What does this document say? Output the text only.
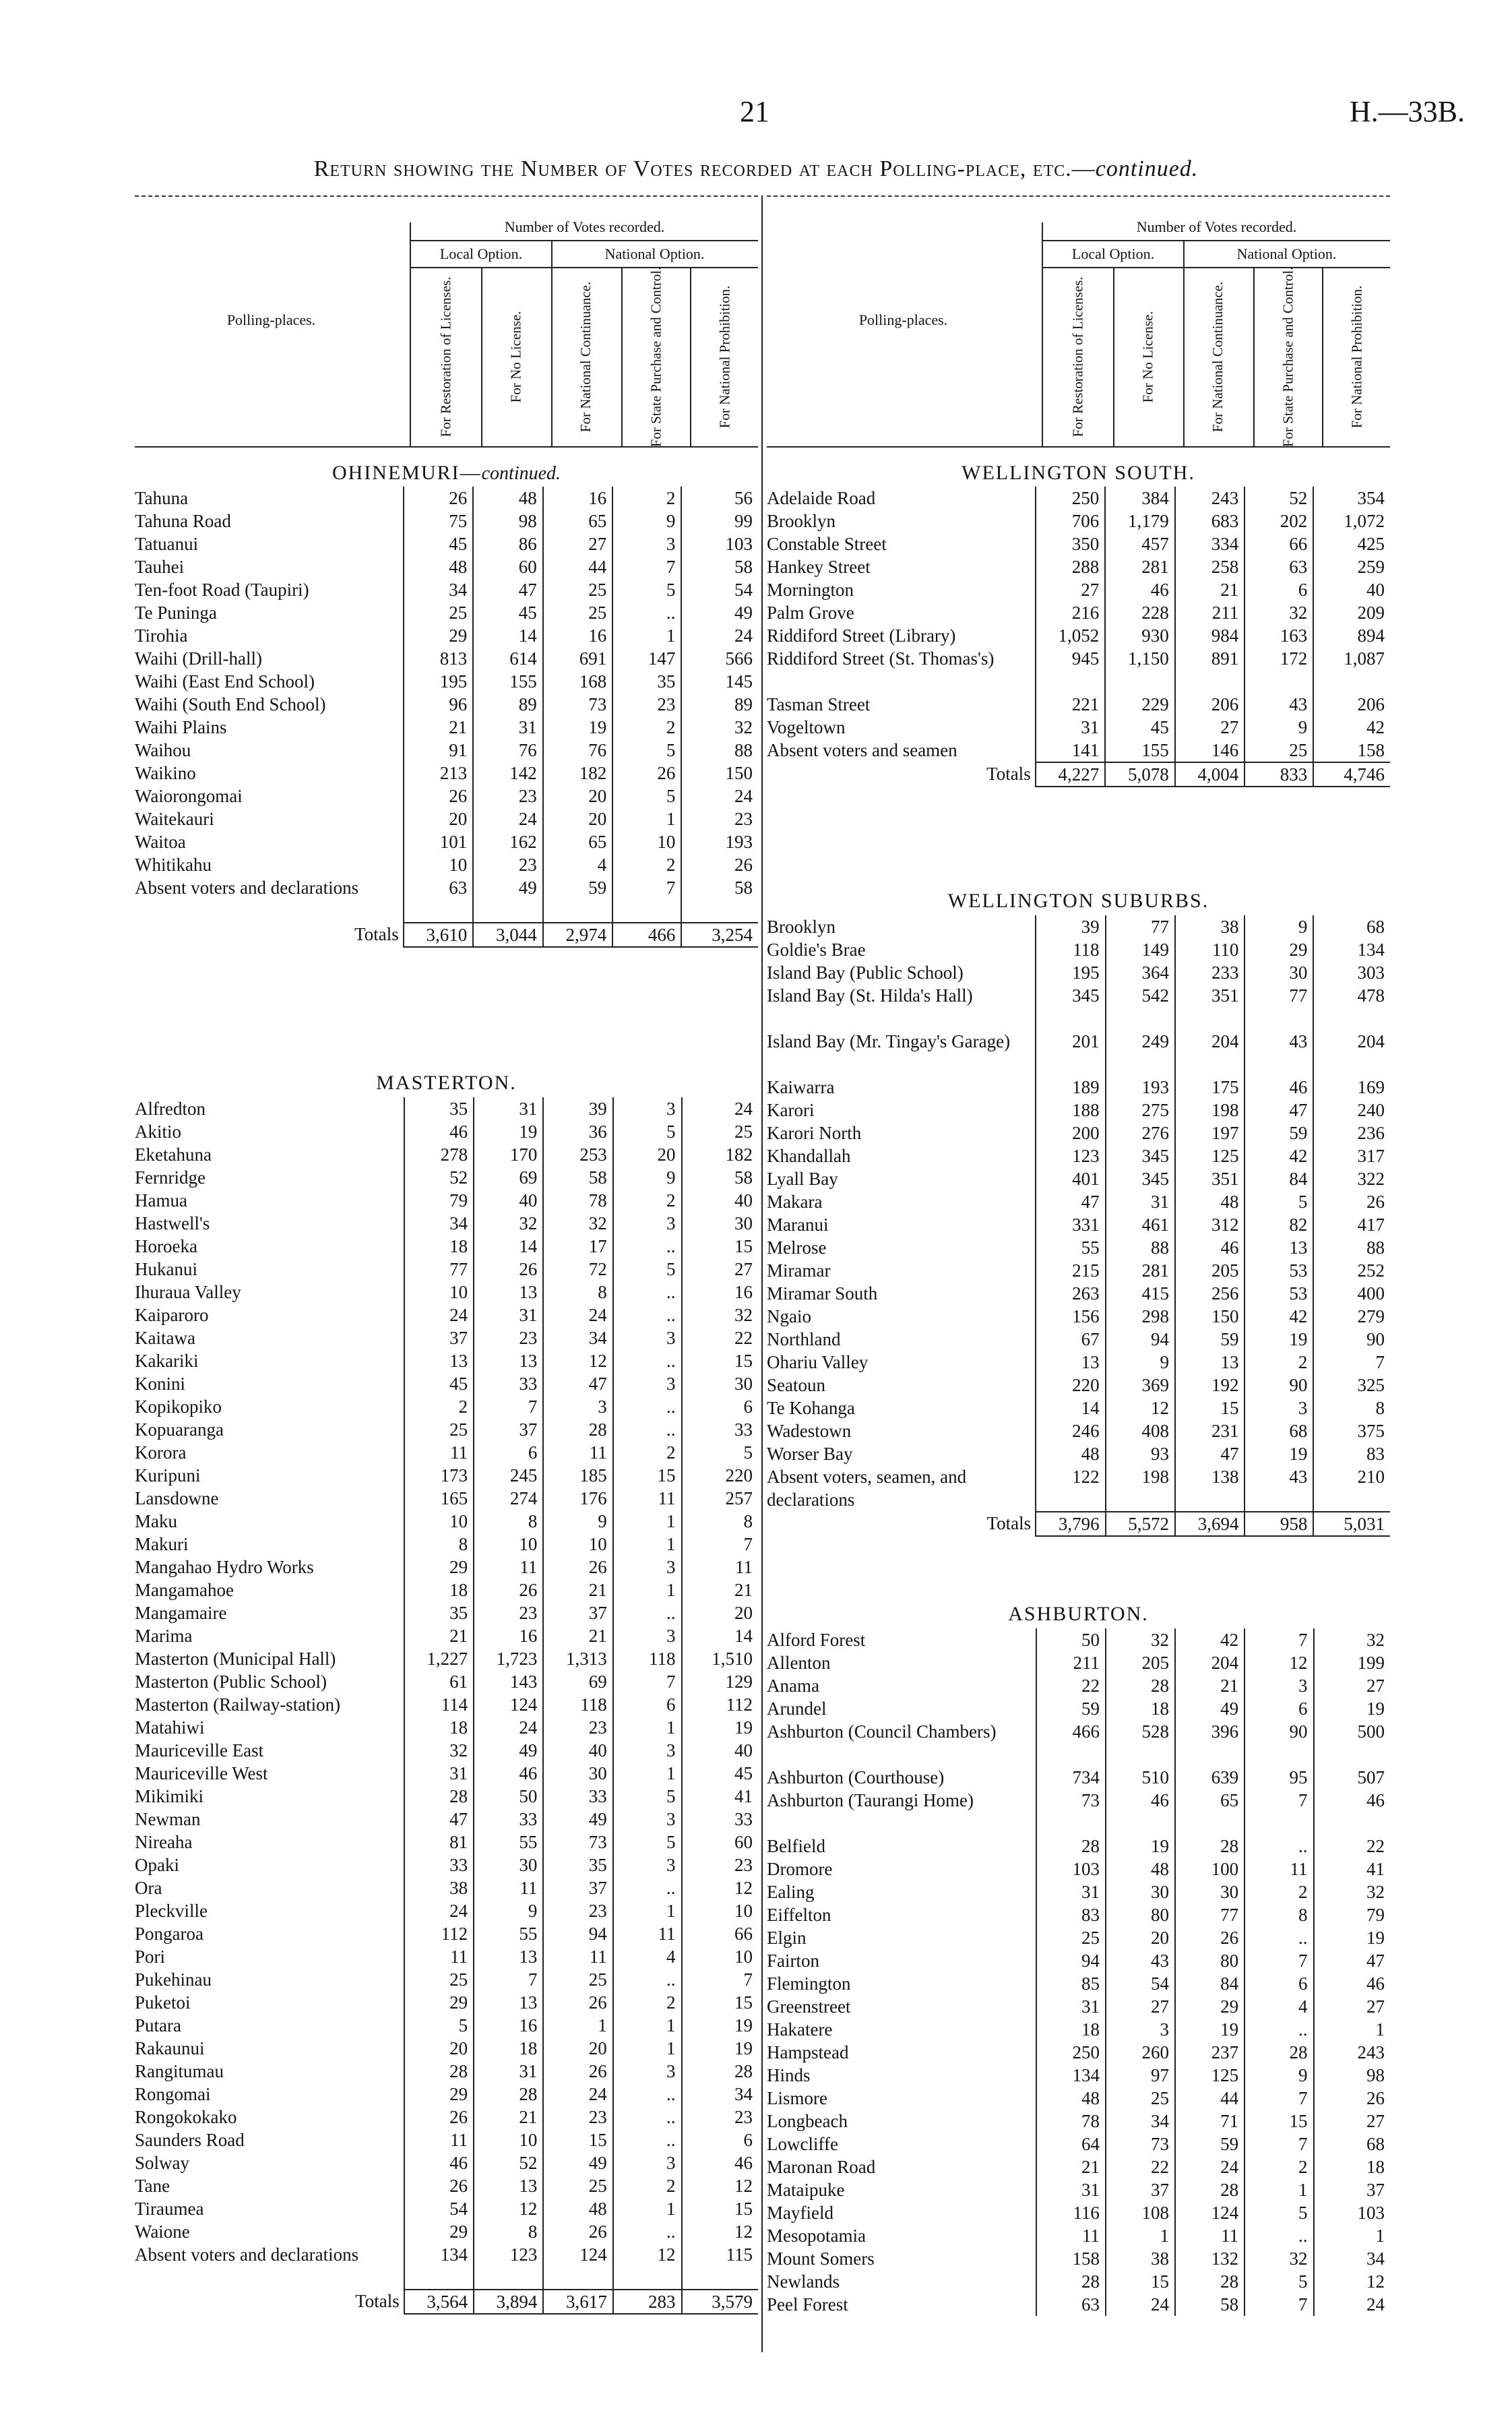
21	H.—33B.
Return showing the Number of Votes recorded at each Polling-place, etc.—continued.
Polling-places.
Number of Votes recorded.
Local Option.	National Option.
For Restoration of Licenses.	For No License.	For National Continuance.	For State Purchase and Control.	For National Prohibition.
OHINEMURI—continued.
Tahuna	26	48	16	2	56
Tahuna Road	75	98	65	9	99
Tatuanui	45	86	27	3	103
Tauhei	48	60	44	7	58
Ten-foot Road (Taupiri)	34	47	25	5	54
Te Puninga	25	45	25	..	49
Tirohia	29	14	16	1	24
Waihi (Drill-hall)	813	614	691	147	566
Waihi (East End School)	195	155	168	35	145
Waihi (South End School)	96	89	73	23	89
Waihi Plains	21	31	19	2	32
Waihou	91	76	76	5	88
Waikino	213	142	182	26	150
Waiorongomai	26	23	20	5	24
Waitekauri	20	24	20	1	23
Waitoa	101	162	65	10	193
Whitikahu	10	23	4	2	26
Absent voters and declarations	63	49	59	7	58
Totals	3,610	3,044	2,974	466	3,254
MASTERTON.
Alfredton	35	31	39	3	24
Akitio	46	19	36	5	25
Eketahuna	278	170	253	20	182
Fernridge	52	69	58	9	58
Hamua	79	40	78	2	40
Hastwell's	34	32	32	3	30
Horoeka	18	14	17	..	15
Hukanui	77	26	72	5	27
Ihuraua Valley	10	13	8	..	16
Kaiparoro	24	31	24	..	32
Kaitawa	37	23	34	3	22
Kakariki	13	13	12	..	15
Konini	45	33	47	3	30
Kopikopiko	2	7	3	..	6
Kopuaranga	25	37	28	..	33
Kororа	11	6	11	2	5
Kuripuni	173	245	185	15	220
Lansdowne	165	274	176	11	257
Maku	10	8	9	1	8
Makuri	8	10	10	1	7
Mangahao Hydro Works	29	11	26	3	11
Mangamahoe	18	26	21	1	21
Mangamaire	35	23	37	..	20
Marima	21	16	21	3	14
Masterton (Municipal Hall)	1,227	1,723	1,313	118	1,510
Masterton (Public School)	61	143	69	7	129
Masterton (Railway-station)	114	124	118	6	112
Matahiwi	18	24	23	1	19
Mauriceville East	32	49	40	3	40
Mauriceville West	31	46	30	1	45
Mikimiki	28	50	33	5	41
Newman	47	33	49	3	33
Nireaha	81	55	73	5	60
Opaki	33	30	35	3	23
Ora	38	11	37	..	12
Pleckville	24	9	23	1	10
Pongaroa	112	55	94	11	66
Pori	11	13	11	4	10
Pukehinau	25	7	25	..	7
Puketoi	29	13	26	2	15
Putara	5	16	1	1	19
Rakaunui	20	18	20	1	19
Rangitumau	28	31	26	3	28
Rongomai	29	28	24	..	34
Rongokokako	26	21	23	..	23
Saunders Road	11	10	15	..	6
Solway	46	52	49	3	46
Tane	26	13	25	2	12
Tiraumea	54	12	48	1	15
Waione	29	8	26	..	12
Absent voters and declarations	134	123	124	12	115
Totals	3,564	3,894	3,617	283	3,579
Polling-places.
Number of Votes recorded.
Local Option.	National Option.
For Restoration of Licenses.	For No License.	For National Continuance.	For State Purchase and Control.	For National Prohibition.
WELLINGTON SOUTH.
Adelaide Road	250	384	243	52	354
Brooklyn	706	1,179	683	202	1,072
Constable Street	350	457	334	66	425
Hankey Street	288	281	258	63	259
Mornington	27	46	21	6	40
Palm Grove	216	228	211	32	209
Riddiford Street (Library)	1,052	930	984	163	894
Riddiford Street (St. Thomas's)	945	1,150	891	172	1,087
Tasman Street	221	229	206	43	206
Vogeltown	31	45	27	9	42
Absent voters and seamen	141	155	146	25	158
Totals	4,227	5,078	4,004	833	4,746
WELLINGTON SUBURBS.
Brooklyn	39	77	38	9	68
Goldie's Brae	118	149	110	29	134
Island Bay (Public School)	195	364	233	30	303
Island Bay (St. Hilda's Hall)	345	542	351	77	478
Island Bay (Mr. Tingay's Garage)	201	249	204	43	204
Kaiwarra	189	193	175	46	169
Karori	188	275	198	47	240
Karori North	200	276	197	59	236
Khandallah	123	345	125	42	317
Lyall Bay	401	345	351	84	322
Makara	47	31	48	5	26
Maranui	331	461	312	82	417
Melrose	55	88	46	13	88
Miramar	215	281	205	53	252
Miramar South	263	415	256	53	400
Ngaio	156	298	150	42	279
Northland	67	94	59	19	90
Ohariu Valley	13	9	13	2	7
Seatoun	220	369	192	90	325
Te Kohanga	14	12	15	3	8
Wadestown	246	408	231	68	375
Worser Bay	48	93	47	19	83
Absent voters, seamen, and declarations	122	198	138	43	210
Totals	3,796	5,572	3,694	958	5,031
ASHBURTON.
Alford Forest	50	32	42	7	32
Allenton	211	205	204	12	199
Anama	22	28	21	3	27
Arundel	59	18	49	6	19
Ashburton (Council Chambers)	466	528	396	90	500
Ashburton (Courthouse)	734	510	639	95	507
Ashburton (Taurangi Home)	73	46	65	7	46
Belfield	28	19	28	..	22
Dromore	103	48	100	11	41
Ealing	31	30	30	2	32
Eiffelton	83	80	77	8	79
Elgin	25	20	26	..	19
Fairton	94	43	80	7	47
Flemington	85	54	84	6	46
Greenstreet	31	27	29	4	27
Hakatere	18	3	19	..	1
Hampstead	250	260	237	28	243
Hinds	134	97	125	9	98
Lismore	48	25	44	7	26
Longbeach	78	34	71	15	27
Lowcliffe	64	73	59	7	68
Maronan Road	21	22	24	2	18
Mataipuke	31	37	28	1	37
Mayfield	116	108	124	5	103
Mesopotamia	11	1	11	..	1
Mount Somers	158	38	132	32	34
Newlands	28	15	28	5	12
Peel Forest	63	24	58	7	24
